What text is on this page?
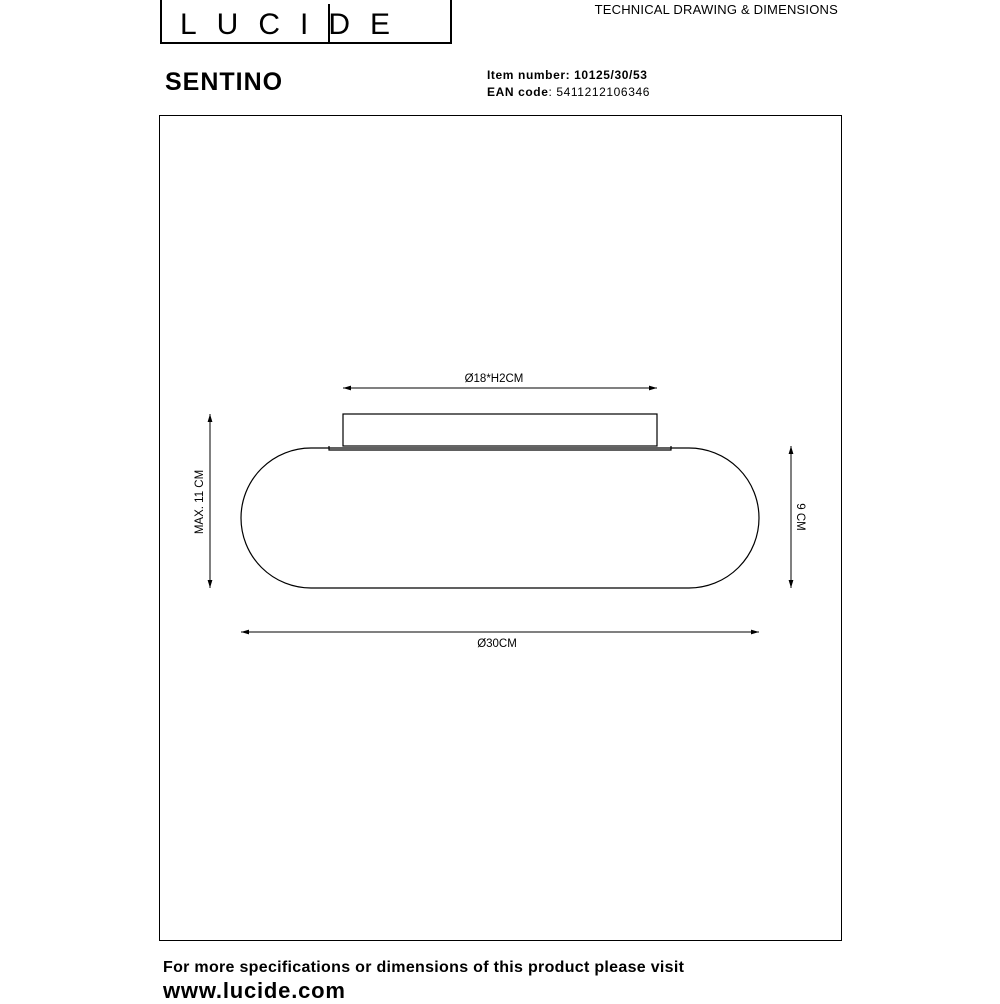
LUCIDE	TECHNICAL DRAWING & DIMENSIONS
SENTINO	Item number: 10125/30/53
EAN code: 5411212106346
Ø18*H2CM
MAX. 11 CM	9 CM
Ø30CM
For more specifications or dimensions of this product please visit
www.lucide.com
